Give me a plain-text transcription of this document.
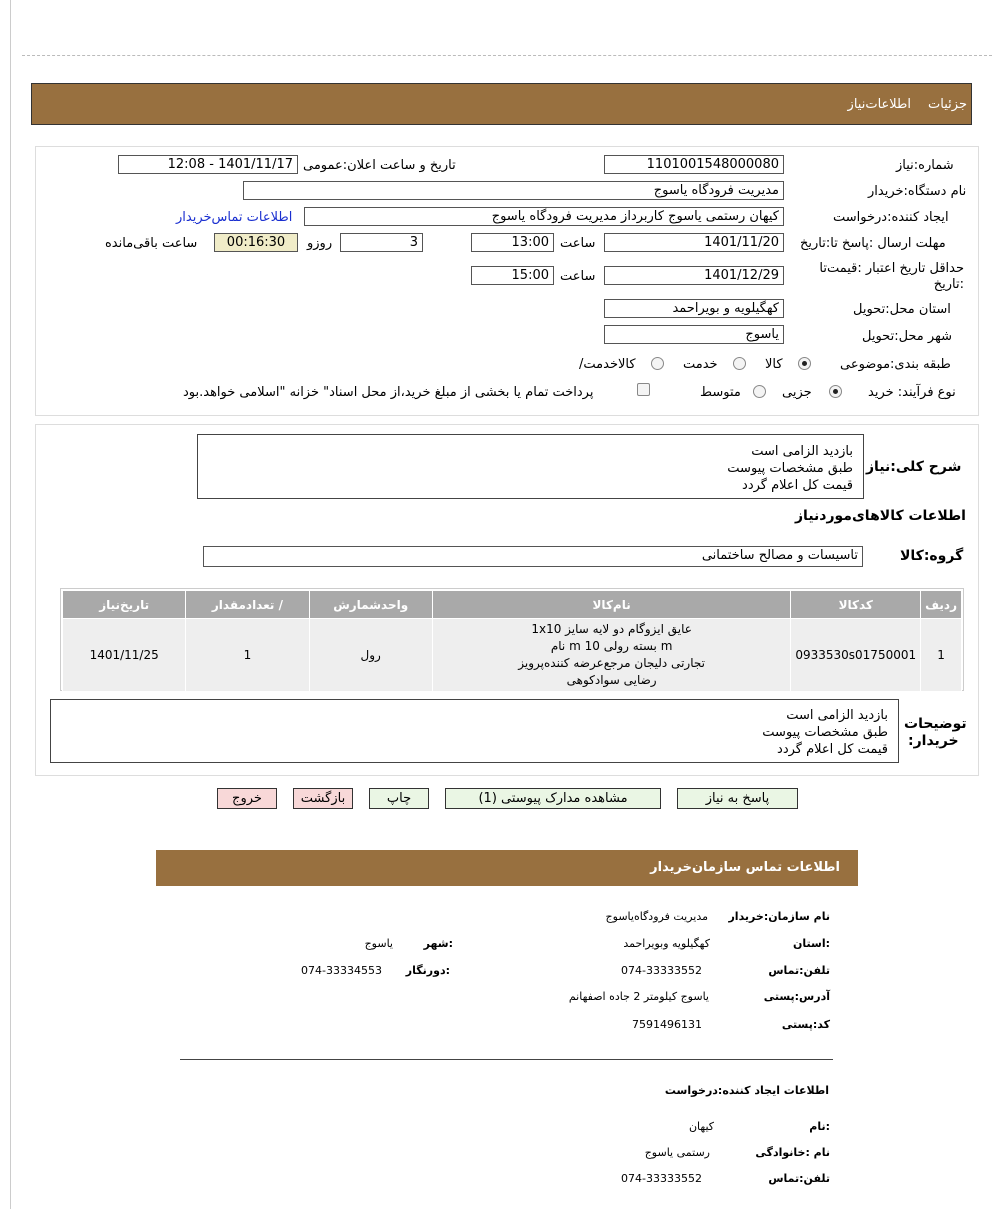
جزئیات
اطلاعات‌نیاز
شماره:نیاز
1101001548000080
تاریخ و ساعت اعلان:عمومی
1401/11/17 - 12:08
نام دستگاه:خریدار
مدیریت فرودگاه یاسوج
ایجاد کننده:درخواست
کیهان رستمی یاسوج کاربرداز مدیریت فرودگاه یاسوج
اطلاعات تماس‌خریدار
مهلت ارسال :پاسخ تا:تاریخ
1401/11/20
ساعت
13:00
3
روزو
00:16:30
ساعت باقی‌مانده
حداقل تاریخ اعتبار :قیمت‌تا :تاریخ
1401/12/29
ساعت
15:00
استان محل:تحویل
کهگیلویه و بویراحمد
شهر محل:تحویل
یاسوج
طبقه بندی:موضوعی
کالا
خدمت
/کالاخدمت
نوع فرآیند: خرید
جزیی
متوسط
پرداخت تمام یا بخشی از مبلغ خرید،از محل اسناد" خزانه "اسلامی خواهد.بود
شرح کلی:نیاز
بازدید الزامی است
طبق مشخصات پیوست
قیمت کل اعلام گردد
اطلاعات کالاهای‌موردنیاز
گروه:کالا
تاسیسات و مصالح ساختمانی
ردیف	کدکالا	نام‌کالا	واحدشمارش	/ تعدادمقدار	تاریخ‌نیاز
1	0933530s01750001	عایق ایزوگام دو لایه سایز 1x10
m بسته رولی 10 m نام
تجارتی دلیجان مرجع‌عرضه کننده‌پرویز
رضایی سوادکوهی	رول	1	1401/11/25
توضیحات
:خریدار
بازدید الزامی است
طبق مشخصات پیوست
قیمت کل اعلام گردد
پاسخ به نیاز
مشاهده مدارک پیوستی (1)
چاپ
بازگشت
خروج
اطلاعات تماس سازمان‌خریدار
نام سازمان:خریدار
مدیریت فرودگاه‌یاسوج
:استان
کهگیلویه وبویراحمد
:شهر
یاسوج
تلفن:تماس
074-33333552
:دورنگار
074-33334553
آدرس:پستی
یاسوج کیلومتر 2 جاده اصفهانم
کد:پستی
7591496131
اطلاعات ایجاد کننده:درخواست
:نام
کیهان
نام :خانوادگی
رستمی یاسوج
تلفن:تماس
074-33333552
